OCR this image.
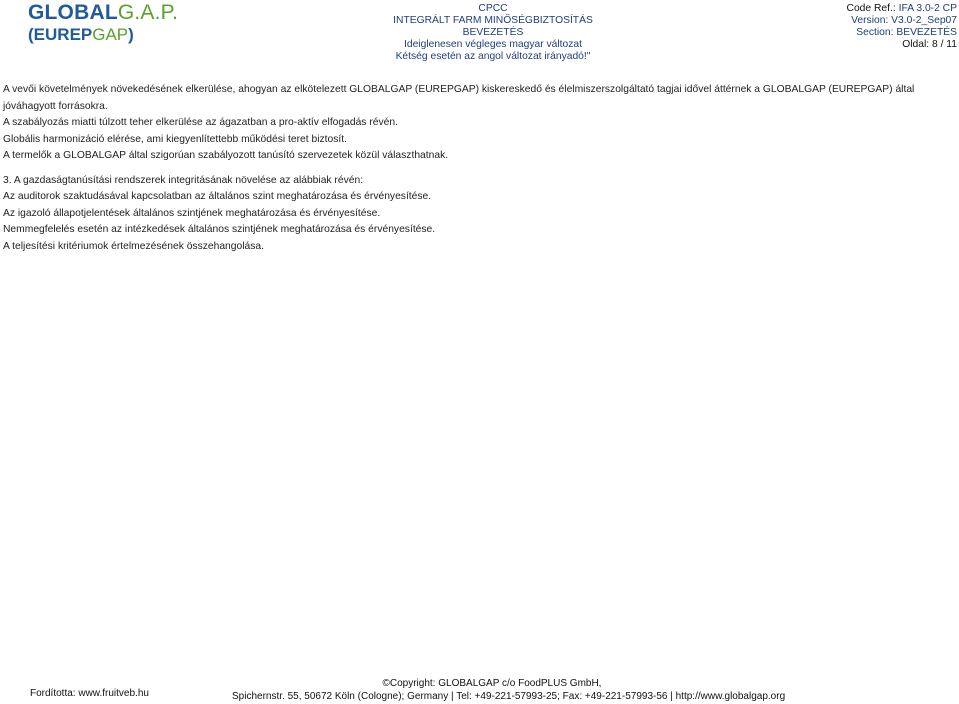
GLOBALG.A.P.
(EUREPGAP)
CPCC
INTEGRÁLT FARM MINŐSÉGBIZTOSÍTÁS
BEVEZETÉS
Ideiglenesen végleges magyar változat
Kétség esetén az angol változat irányadó!"
Code Ref.: IFA 3.0-2 CP
Version: V3.0-2_Sep07
Section: BEVEZETÉS
Oldal: 8 / 11

A vevői követelmények növekedésének elkerülése, ahogyan az elkötelezett GLOBALGAP (EUREPGAP) kiskereskedő és élelmiszerszolgáltató tagjai idővel áttérnek a GLOBALGAP (EUREPGAP) által jóváhagyott forrásokra.

A szabályozás miatti túlzott teher elkerülése az ágazatban a pro-aktív elfogadás révén.

Globális harmonizáció elérése, ami kiegyenlítettebb működési teret biztosít.

A termelők a GLOBALGAP által szigorúan szabályozott tanúsító szervezetek közül választhatnak.

3. A gazdaságtanúsítási rendszerek integritásának növelése az alábbiak révén:

Az auditorok szaktudásával kapcsolatban az általános szint meghatározása és érvényesítése.

Az igazoló állapotjelentések általános szintjének meghatározása és érvényesítése.

Nemmegfelelés esetén az intézkedések általános szintjének meghatározása és érvényesítése.

A teljesítési kritériumok értelmezésének összehangolása.

Fordította: www.fruitveb.hu
©Copyright: GLOBALGAP c/o FoodPLUS GmbH,
Spichernstr. 55, 50672 Köln (Cologne); Germany | Tel: +49-221-57993-25; Fax: +49-221-57993-56 | http://www.globalgap.org
